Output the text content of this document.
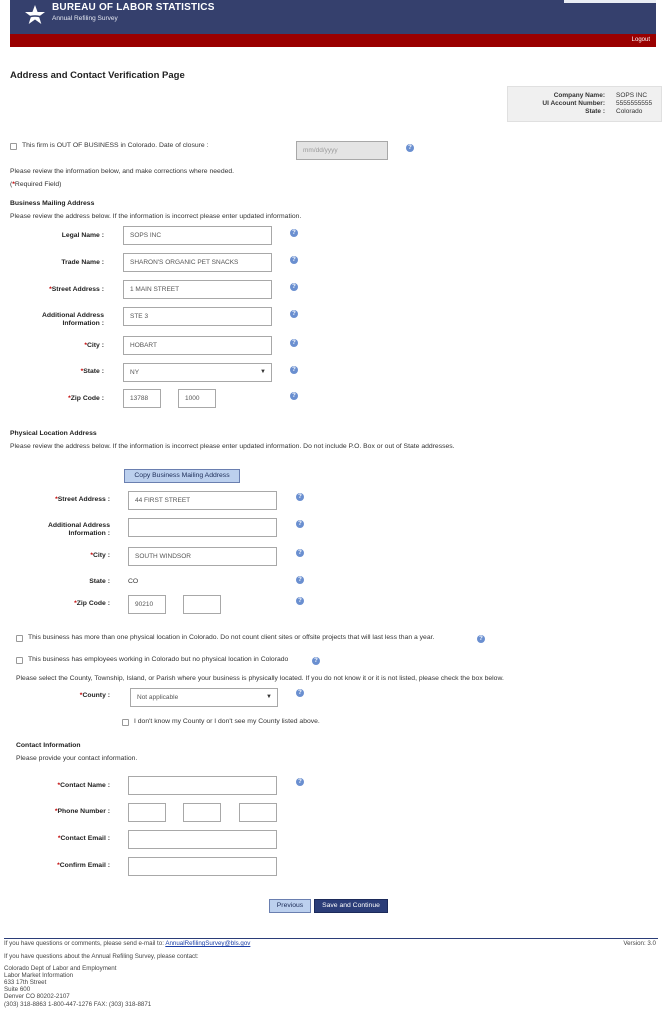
BUREAU OF LABOR STATISTICS
Annual Refiling Survey
Logout
Address and Contact Verification Page
Company Name: SOPS INC
UI Account Number: 5555555555
State : Colorado
This firm is OUT OF BUSINESS in Colorado. Date of closure :
mm/dd/yyyy	?
Please review the information below, and make corrections where needed.
(*Required Field)
Business Mailing Address
Please review the address below. If the information is incorrect please enter updated information.
Legal Name :	SOPS INC	?
Trade Name :	SHARON'S ORGANIC PET SNACKS	?
*Street Address :	1 MAIN STREET	?
Additional Address
Information :
STE 3	?
*City :	HOBART	?
*State :	NY	▼	?
*Zip Code :	13788	1000	?
Physical Location Address
Please review the address below. If the information is incorrect please enter updated information. Do not include P.O. Box or out of State addresses.
Copy Business Mailing Address
*Street Address :	44 FIRST STREET	?
Additional Address
Information :
?
*City :	SOUTH WINDSOR	?
State :	CO	?
*Zip Code :	90210	?
This business has more than one physical location in Colorado. Do not count client sites or offsite projects that will last less than a year.	?
This business has employees working in Colorado but no physical location in Colorado	?
Please select the County, Township, Island, or Parish where your business is physically located. If you do not know it or it is not listed, please check the box below.
*County :	Not applicable	▼
?
I don't know my County or I don't see my County listed above.
Contact Information
Please provide your contact information.
*Contact Name :	?
*Phone Number :
*Contact Email :
*Confirm Email :
Previous	Save and Continue
If you have questions or comments, please send e-mail to: AnnualRefilingSurvey@bls.gov	Version: 3.0
If you have questions about the Annual Refiling Survey, please contact:
Colorado Dept of Labor and Employment
Labor Market Information
633 17th Street
Suite 600
Denver CO 80202-2107
(303) 318-8863 1-800-447-1276 FAX: (303) 318-8871
